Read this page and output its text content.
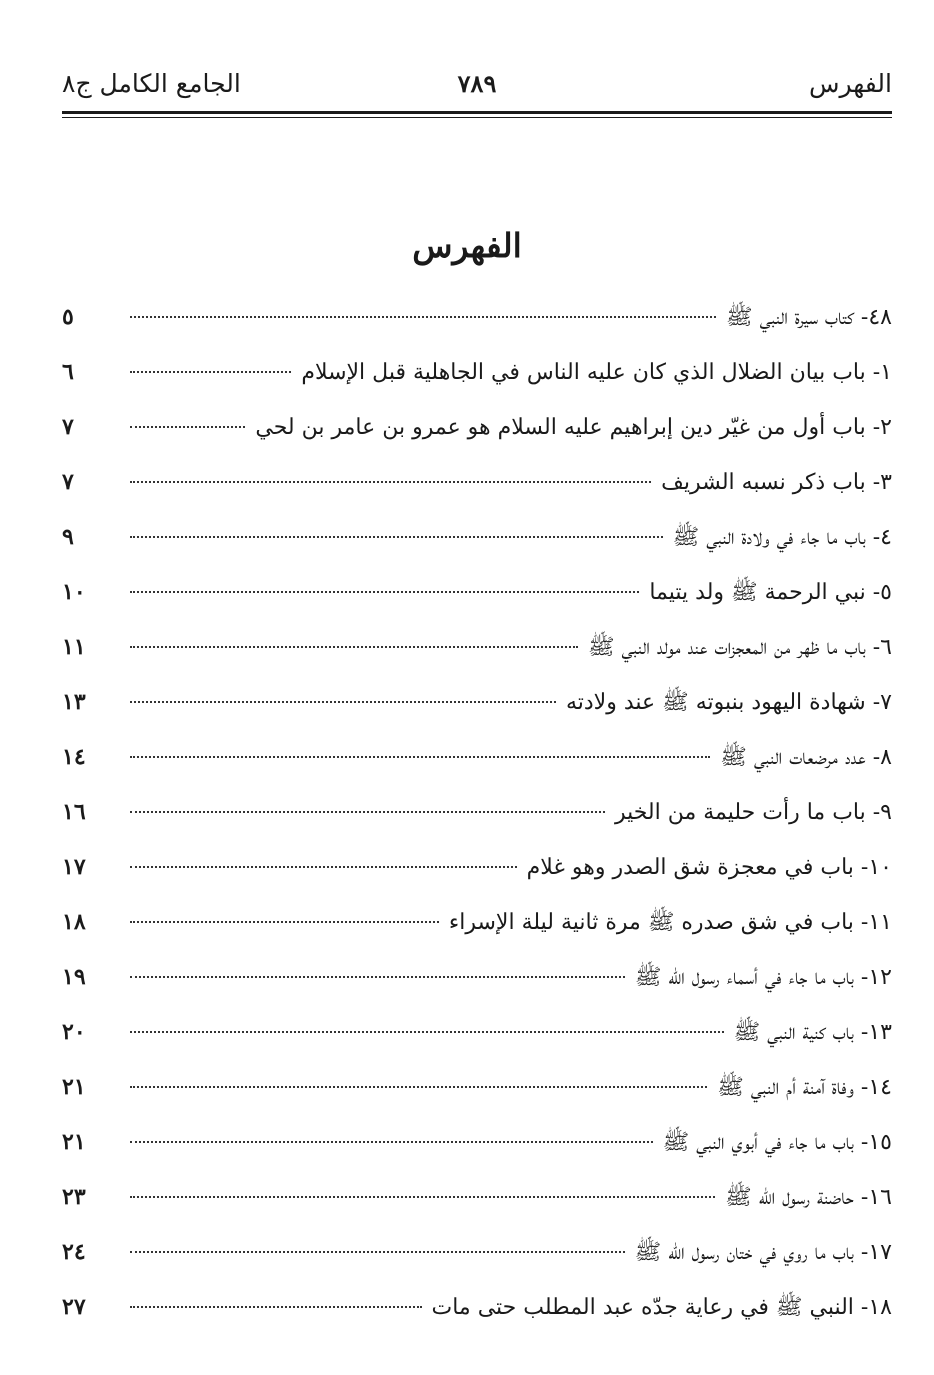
الفهرس
٧٨٩
الجامع الكامل ج٨
الفهرس
٤٨- كتاب سيرة النبي ﷺ
٥
١- باب بيان الضلال الذي كان عليه الناس في الجاهلية قبل الإسلام
٦
٢- باب أول من غيّر دين إبراهيم عليه السلام هو عمرو بن عامر بن لحي
٧
٣- باب ذكر نسبه الشريف
٧
٤- باب ما جاء في ولادة النبي ﷺ
٩
٥- نبي الرحمة ﷺ ولد يتيما
١٠
٦- باب ما ظهر من المعجزات عند مولد النبي ﷺ
١١
٧- شهادة اليهود بنبوته ﷺ عند ولادته
١٣
٨- عدد مرضعات النبي ﷺ
١٤
٩- باب ما رأت حليمة من الخير
١٦
١٠- باب في معجزة شق الصدر وهو غلام
١٧
١١- باب في شق صدره ﷺ مرة ثانية ليلة الإسراء
١٨
١٢- باب ما جاء في أسماء رسول الله ﷺ
١٩
١٣- باب كنية النبي ﷺ
٢٠
١٤- وفاة آمنة أم النبي ﷺ
٢١
١٥- باب ما جاء في أبوي النبي ﷺ
٢١
١٦- حاضنة رسول الله ﷺ
٢٣
١٧- باب ما روي في ختان رسول الله ﷺ
٢٤
١٨- النبي ﷺ في رعاية جدّه عبد المطلب حتى مات
٢٧
